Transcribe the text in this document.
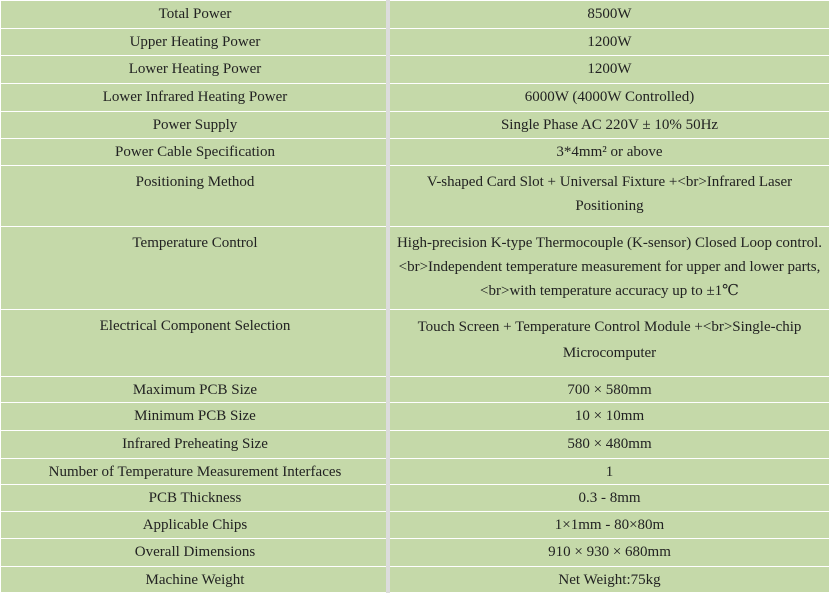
Total Power	8500W
Upper Heating Power	1200W
Lower Heating Power	1200W
Lower Infrared Heating Power	6000W (4000W Controlled)
Power Supply	Single Phase AC 220V ± 10% 50Hz
Power Cable Specification	3*4mm² or above
Positioning Method	V-shaped Card Slot + Universal Fixture +<br>Infrared Laser Positioning
Temperature Control	High-precision K-type Thermocouple (K-sensor) Closed Loop control.<br>Independent temperature measurement for upper and lower parts,<br>with temperature accuracy up to ±1℃
Electrical Component Selection	Touch Screen + Temperature Control Module +<br>Single-chip Microcomputer
Maximum PCB Size	700 × 580mm
Minimum PCB Size	10 × 10mm
Infrared Preheating Size	580 × 480mm
Number of Temperature Measurement Interfaces	1
PCB Thickness	0.3 - 8mm
Applicable Chips	1×1mm - 80×80m
Overall Dimensions	910 × 930 × 680mm
Machine Weight	Net Weight:75kg
